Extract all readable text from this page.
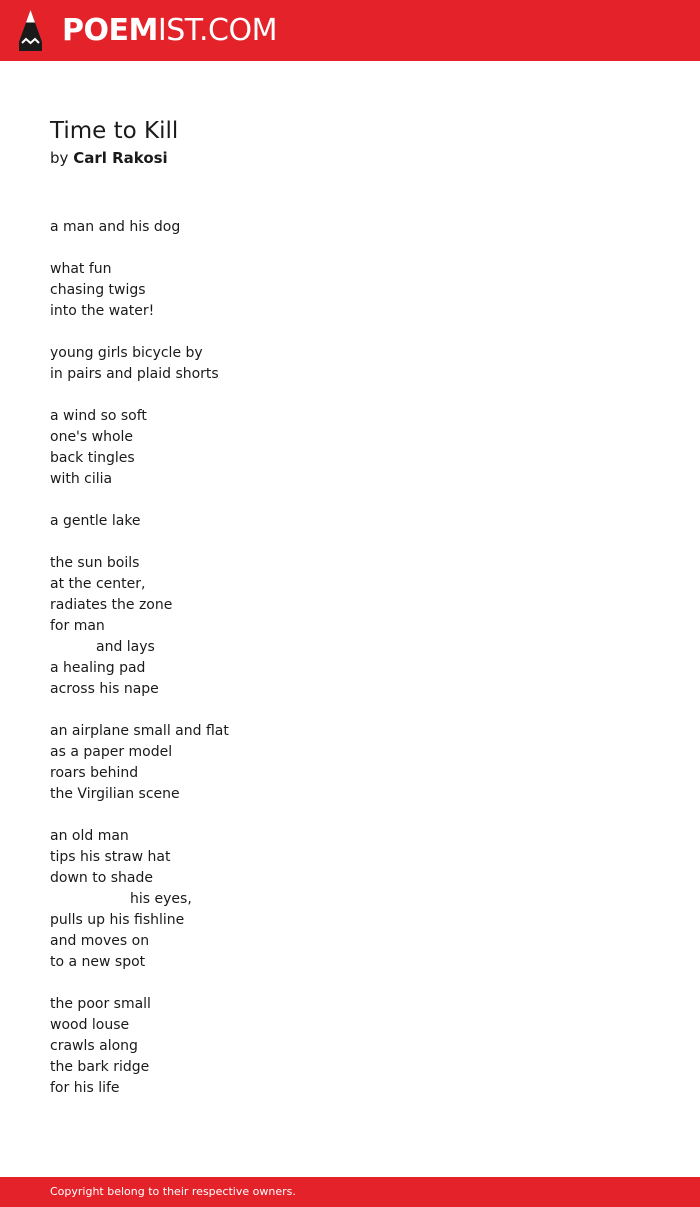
POEMIST.COM
Time to Kill

by Carl Rakosi

a man and his dog
what fun
chasing twigs
into the water!
young girls bicycle by
in pairs and plaid shorts
a wind so soft
one's whole
back tingles
with cilia
a gentle lake
the sun boils
at the center,
radiates the zone
for man
and lays
a healing pad
across his nape
an airplane small and flat
as a paper model
roars behind
the Virgilian scene
an old man
tips his straw hat
down to shade
his eyes,
pulls up his fishline
and moves on
to a new spot
the poor small
wood louse
crawls along
the bark ridge
for his life
Copyright belong to their respective owners.
